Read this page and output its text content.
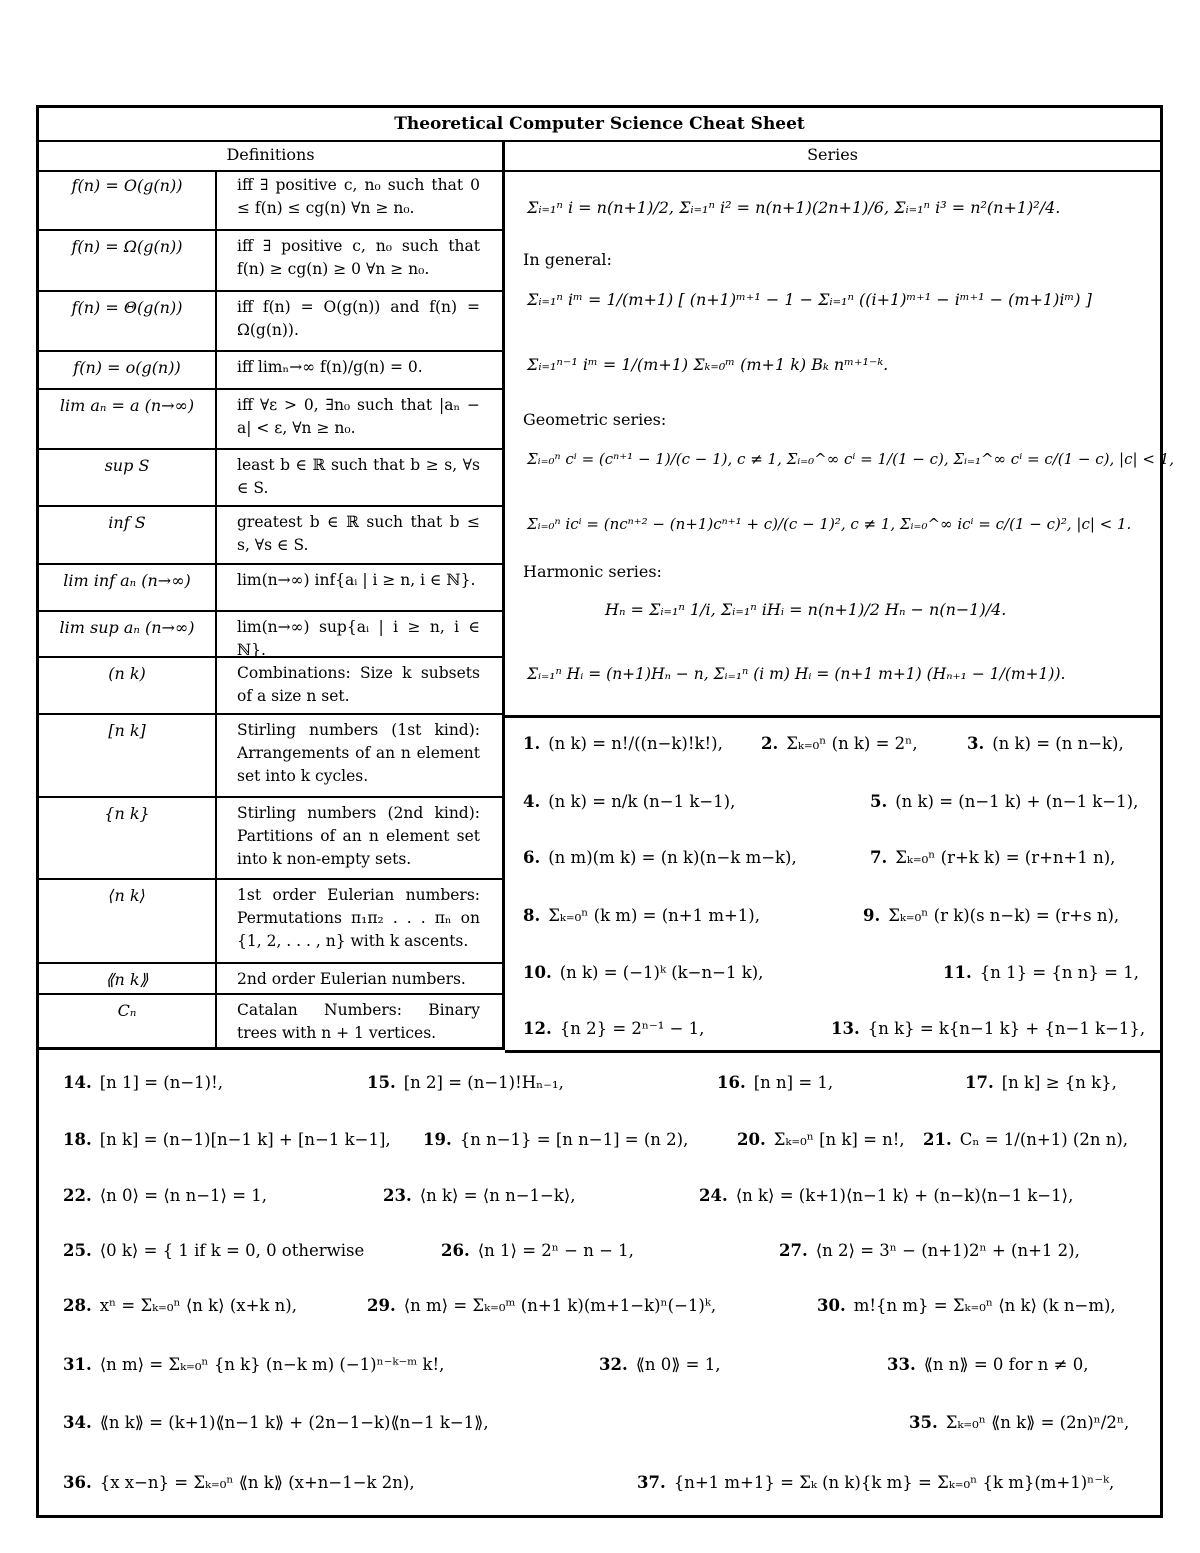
Theoretical Computer Science Cheat Sheet
Definitions	Series
f(n) = O(g(n))	iff ∃ positive c, n₀ such that 0 ≤ f(n) ≤ cg(n) ∀n ≥ n₀.
f(n) = Ω(g(n))	iff ∃ positive c, n₀ such that f(n) ≥ cg(n) ≥ 0 ∀n ≥ n₀.
f(n) = Θ(g(n))	iff f(n) = O(g(n)) and f(n) = Ω(g(n)).
f(n) = o(g(n))	iff limₙ→∞ f(n)/g(n) = 0.
lim aₙ = a (n→∞)	iff ∀ε > 0, ∃n₀ such that |aₙ − a| < ε, ∀n ≥ n₀.
sup S	least b ∈ ℝ such that b ≥ s, ∀s ∈ S.
inf S	greatest b ∈ ℝ such that b ≤ s, ∀s ∈ S.
lim inf aₙ (n→∞)	lim(n→∞) inf{aᵢ | i ≥ n, i ∈ ℕ}.
lim sup aₙ (n→∞)	lim(n→∞) sup{aᵢ | i ≥ n, i ∈ ℕ}.
(n k)	Combinations: Size k subsets of a size n set.
[n k]	Stirling numbers (1st kind): Arrangements of an n element set into k cycles.
{n k}	Stirling numbers (2nd kind): Partitions of an n element set into k non-empty sets.
⟨n k⟩	1st order Eulerian numbers: Permutations π₁π₂ . . . πₙ on {1, 2, . . . , n} with k ascents.
⟪n k⟫	2nd order Eulerian numbers.
Cₙ	Catalan Numbers: Binary trees with n + 1 vertices.
Σᵢ₌₁ⁿ i = n(n+1)/2, Σᵢ₌₁ⁿ i² = n(n+1)(2n+1)/6, Σᵢ₌₁ⁿ i³ = n²(n+1)²/4.
In general:
Σᵢ₌₁ⁿ iᵐ = 1/(m+1) [ (n+1)ᵐ⁺¹ − 1 − Σᵢ₌₁ⁿ ((i+1)ᵐ⁺¹ − iᵐ⁺¹ − (m+1)iᵐ) ]
Σᵢ₌₁ⁿ⁻¹ iᵐ = 1/(m+1) Σₖ₌₀ᵐ (m+1 k) Bₖ nᵐ⁺¹⁻ᵏ.
Geometric series:
Σᵢ₌₀ⁿ cⁱ = (cⁿ⁺¹ − 1)/(c − 1), c ≠ 1, Σᵢ₌₀^∞ cⁱ = 1/(1 − c), Σᵢ₌₁^∞ cⁱ = c/(1 − c), |c| < 1,
Σᵢ₌₀ⁿ icⁱ = (ncⁿ⁺² − (n+1)cⁿ⁺¹ + c)/(c − 1)², c ≠ 1, Σᵢ₌₀^∞ icⁱ = c/(1 − c)², |c| < 1.
Harmonic series:
Hₙ = Σᵢ₌₁ⁿ 1/i, Σᵢ₌₁ⁿ iHᵢ = n(n+1)/2 Hₙ − n(n−1)/4.
Σᵢ₌₁ⁿ Hᵢ = (n+1)Hₙ − n, Σᵢ₌₁ⁿ (i m) Hᵢ = (n+1 m+1) (Hₙ₊₁ − 1/(m+1)).
1. (n k) = n!/((n−k)!k!), 2. Σₖ₌₀ⁿ (n k) = 2ⁿ,	3. (n k) = (n n−k),
4. (n k) = n/k (n−1 k−1),	5. (n k) = (n−1 k) + (n−1 k−1),
6. (n m)(m k) = (n k)(n−k m−k),	7. Σₖ₌₀ⁿ (r+k k) = (r+n+1 n),
8. Σₖ₌₀ⁿ (k m) = (n+1 m+1),	9. Σₖ₌₀ⁿ (r k)(s n−k) = (r+s n),
10. (n k) = (−1)ᵏ (k−n−1 k),	11. {n 1} = {n n} = 1,
12. {n 2} = 2ⁿ⁻¹ − 1,	13. {n k} = k{n−1 k} + {n−1 k−1},
14. [n 1] = (n−1)!,	15. [n 2] = (n−1)!Hₙ₋₁,	16. [n n] = 1,	17. [n k] ≥ {n k},
18. [n k] = (n−1)[n−1 k] + [n−1 k−1], 19. {n n−1} = [n n−1] = (n 2),	20. Σₖ₌₀ⁿ [n k] = n!, 21. Cₙ = 1/(n+1) (2n n),
22. ⟨n 0⟩ = ⟨n n−1⟩ = 1,	23. ⟨n k⟩ = ⟨n n−1−k⟩,	24. ⟨n k⟩ = (k+1)⟨n−1 k⟩ + (n−k)⟨n−1 k−1⟩,
25. ⟨0 k⟩ = { 1 if k = 0, 0 otherwise	26. ⟨n 1⟩ = 2ⁿ − n − 1,	27. ⟨n 2⟩ = 3ⁿ − (n+1)2ⁿ + (n+1 2),
28. xⁿ = Σₖ₌₀ⁿ ⟨n k⟩ (x+k n),	29. ⟨n m⟩ = Σₖ₌₀ᵐ (n+1 k)(m+1−k)ⁿ(−1)ᵏ,	30. m!{n m} = Σₖ₌₀ⁿ ⟨n k⟩ (k n−m),
31. ⟨n m⟩ = Σₖ₌₀ⁿ {n k} (n−k m) (−1)ⁿ⁻ᵏ⁻ᵐ k!,	32. ⟪n 0⟫ = 1,	33. ⟪n n⟫ = 0 for n ≠ 0,
34. ⟪n k⟫ = (k+1)⟪n−1 k⟫ + (2n−1−k)⟪n−1 k−1⟫,	35. Σₖ₌₀ⁿ ⟪n k⟫ = (2n)ⁿ/2ⁿ,
36. {x x−n} = Σₖ₌₀ⁿ ⟪n k⟫ (x+n−1−k 2n),	37. {n+1 m+1} = Σₖ (n k){k m} = Σₖ₌₀ⁿ {k m}(m+1)ⁿ⁻ᵏ,
